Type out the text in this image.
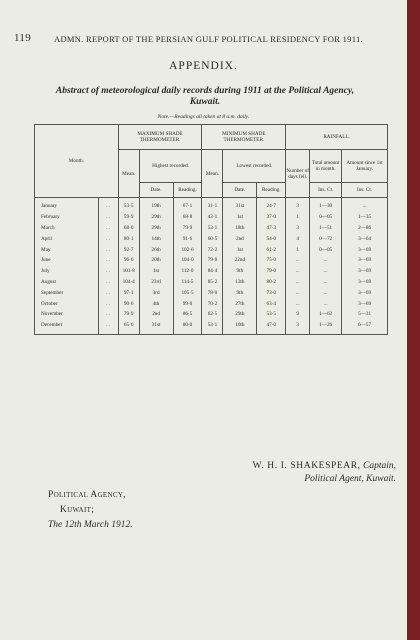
119	ADMN. REPORT OF THE PERSIAN GULF POLITICAL RESIDENCY FOR 1911.
APPENDIX.
Abstract of meteorological daily records during 1911 at the Political Agency,
Kuwait.
Note.—Readings all taken at 8 a.m. daily.
Month.		MAXIMUM SHADE THERMOMETER.			MINIMUM SHADE THERMOMETER.			RAINFALL.		
		Mean.	Highest recorded.		Mean.	Lowest recorded.		Number of days fell.	Total amount in month.	Amount since 1st January.
			Date.	Reading.		Date.	Reading.		Ins. Ct.	Ins. Ct.
January	. .	53·5	19th	67·1	31·1	31st	24·7	3	1—30	...
February	. .	59·9	29th	68·8	43·1	1st	37·0	1	0—05	1—35
March	. .	68·0	29th	79·9	53·1	18th	47·3	3	1—51	2—86
April	. .	80·1	14th	91·6	60·5	2nd	54·0	4	0—72	3—64
May	. .	92·7	26th	102·6	72·2	1st	61·2	1	0—05	3—69
June	. .	96·6	20th	104·0	79·8	22nd	75·0	...	...	3—69
July	. .	101·8	1st	112·0	84·4	9th	79·0	...	...	3—69
August	. .	104·4	23rd	114·5	85·2	13th	80·2	...	...	3—69
September	. .	97·1	3rd	105·5	78·0	9th	73·0	...	...	3—69
October	. .	90·6	4th	99·0	70·2	27th	63·4	...	...	3—69
November	. .	79·9	2nd	86·5	62·5	29th	53·5	9	1—62	5—31
December	. .	65·6	31st	80·0	53·1	10th	47·0	3	1—26	6—57
W. H. I. SHAKESPEAR, Captain,
Political Agent, Kuwait.
Political Agency,
Kuwait;
The 12th March 1912.
